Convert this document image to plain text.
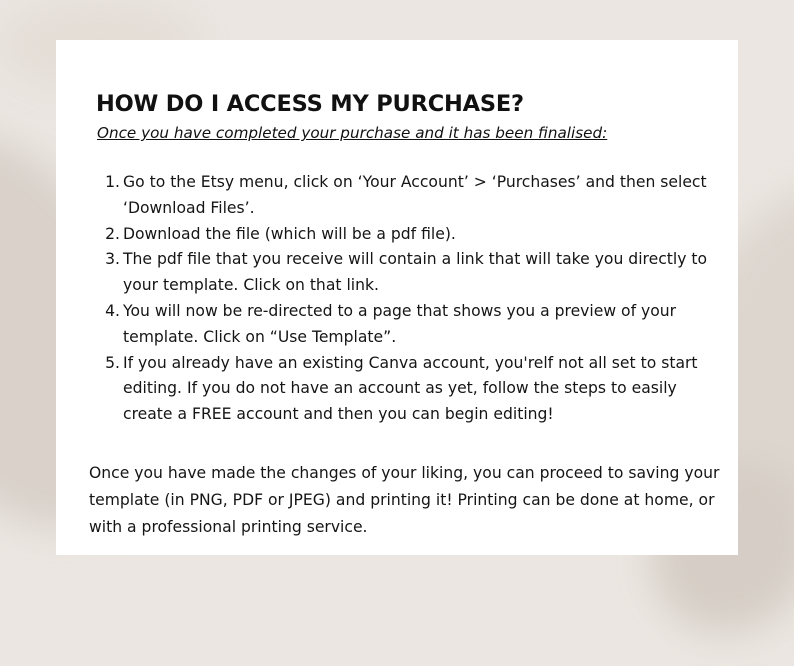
HOW DO I ACCESS MY PURCHASE?

Once you have completed your purchase and it has been finalised:

1. Go to the Etsy menu, click on ‘Your Account’ > ‘Purchases’ and then select ‘Download Files’.
2. Download the file (which will be a pdf file).
3. The pdf file that you receive will contain a link that will take you directly to your template. Click on that link.
4. You will now be re-directed to a page that shows you a preview of your template. Click on “Use Template”.
5. If you already have an existing Canva account, you'relf not all set to start editing. If you do not have an account as yet, follow the steps to easily create a FREE account and then you can begin editing!

Once you have made the changes of your liking, you can proceed to saving your template (in PNG, PDF or JPEG) and printing it! Printing can be done at home, or with a professional printing service.
